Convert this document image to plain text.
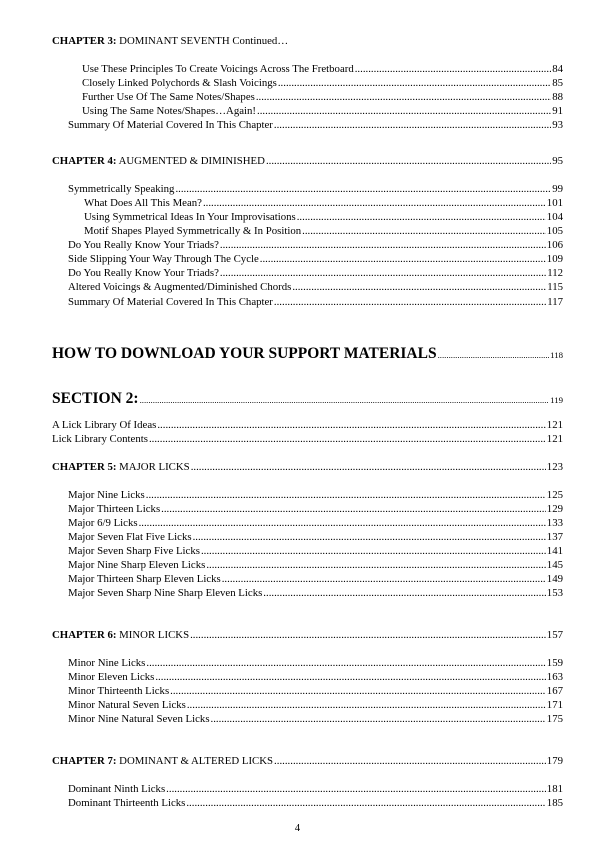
CHAPTER 3: DOMINANT SEVENTH Continued…
Use These Principles To Create Voicings Across The Fretboard .....	84
Closely Linked Polychords & Slash Voicings .....	85
Further Use Of The Same Notes/Shapes .....	88
Using The Same Notes/Shapes…Again! .....	91
Summary Of Material Covered In This Chapter .....	93
CHAPTER 4: AUGMENTED & DIMINISHED .....	95
Symmetrically Speaking .....	99
What Does All This Mean? .....	101
Using Symmetrical Ideas In Your Improvisations .....	104
Motif Shapes Played Symmetrically & In Position .....	105
Do You Really Know Your Triads? .....	106
Side Slipping Your Way Through The Cycle .....	109
Do You Really Know Your Triads? .....	112
Altered Voicings & Augmented/Diminished Chords .....	115
Summary Of Material Covered In This Chapter .....	117
HOW TO DOWNLOAD YOUR SUPPORT MATERIALS .....	118
SECTION 2: .....	119
A Lick Library Of Ideas .....	121
Lick Library Contents .....	121
CHAPTER 5: MAJOR LICKS .....	123
Major Nine Licks .....	125
Major Thirteen Licks .....	129
Major 6/9 Licks .....	133
Major Seven Flat Five Licks .....	137
Major Seven Sharp Five Licks .....	141
Major Nine Sharp Eleven Licks .....	145
Major Thirteen Sharp Eleven Licks .....	149
Major Seven Sharp Nine Sharp Eleven Licks .....	153
CHAPTER 6: MINOR LICKS .....	157
Minor Nine Licks .....	159
Minor Eleven Licks .....	163
Minor Thirteenth Licks .....	167
Minor Natural Seven Licks .....	171
Minor Nine Natural Seven Licks .....	175
CHAPTER 7: DOMINANT & ALTERED LICKS .....	179
Dominant Ninth Licks .....	181
Dominant Thirteenth Licks .....	185
4
